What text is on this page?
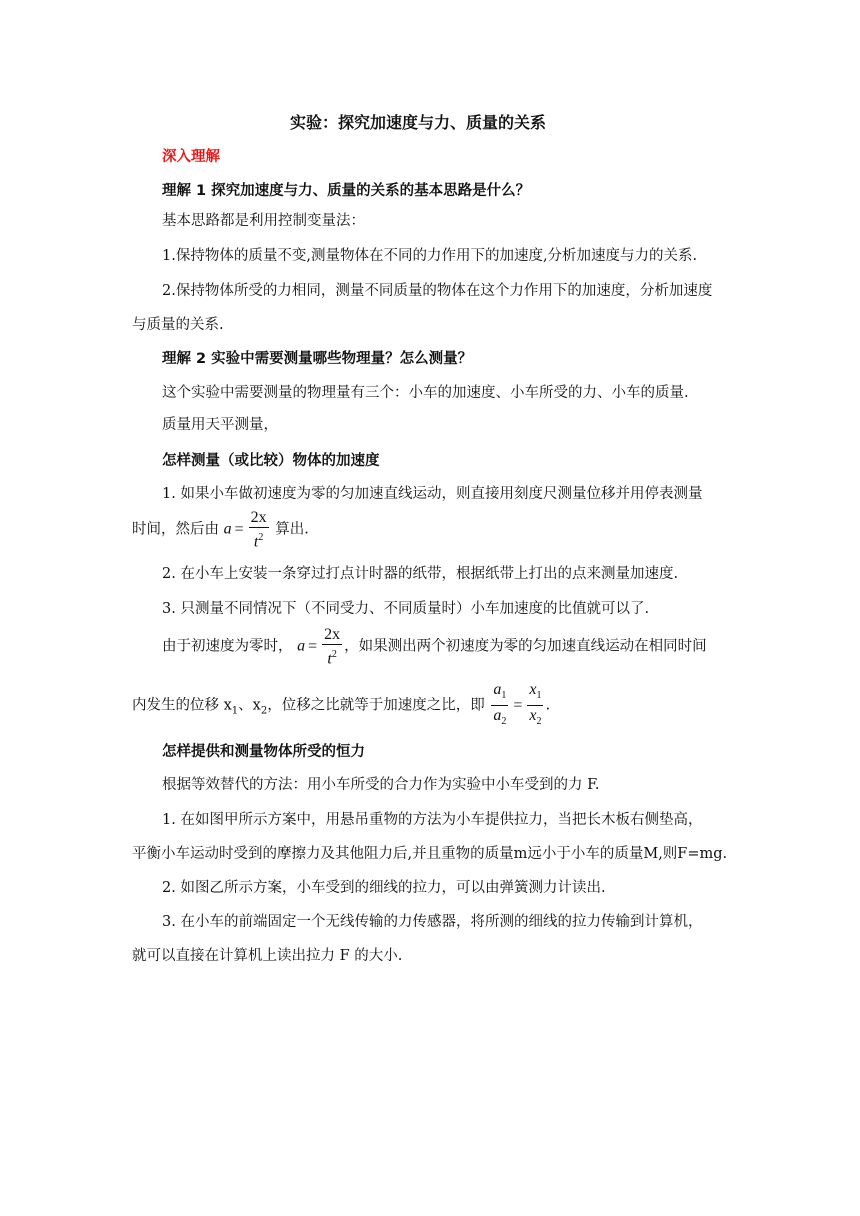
实验：探究加速度与力、质量的关系
深入理解
理解 1 探究加速度与力、质量的关系的基本思路是什么？
基本思路都是利用控制变量法：
1.保持物体的质量不变,测量物体在不同的力作用下的加速度,分析加速度与力的关系.
2.保持物体所受的力相同，测量不同质量的物体在这个力作用下的加速度，分析加速度
与质量的关系.
理解 2 实验中需要测量哪些物理量？怎么测量？
这个实验中需要测量的物理量有三个：小车的加速度、小车所受的力、小车的质量.
质量用天平测量，
怎样测量（或比较）物体的加速度
1. 如果小车做初速度为零的匀加速直线运动，则直接用刻度尺测量位移并用停表测量
时间，然后由 $a = \frac{2x}{t^2}$ 算出.
2. 在小车上安装一条穿过打点计时器的纸带，根据纸带上打出的点来测量加速度.
3. 只测量不同情况下（不同受力、不同质量时）小车加速度的比值就可以了.
由于初速度为零时， $a = \frac{2x}{t^2}$ ，如果测出两个初速度为零的匀加速直线运动在相同时间
内发生的位移 $x_1$、$x_2$，位移之比就等于加速度之比，即 $\frac{a_1}{a_2} = \frac{x_1}{x_2}$ .
怎样提供和测量物体所受的恒力
根据等效替代的方法：用小车所受的合力作为实验中小车受到的力 F.
1. 在如图甲所示方案中，用悬吊重物的方法为小车提供拉力，当把长木板右侧垫高，
平衡小车运动时受到的摩擦力及其他阻力后,并且重物的质量m远小于小车的质量M,则F=mg.
2. 如图乙所示方案，小车受到的细线的拉力，可以由弹簧测力计读出.
3. 在小车的前端固定一个无线传输的力传感器，将所测的细线的拉力传输到计算机，
就可以直接在计算机上读出拉力 F 的大小.
